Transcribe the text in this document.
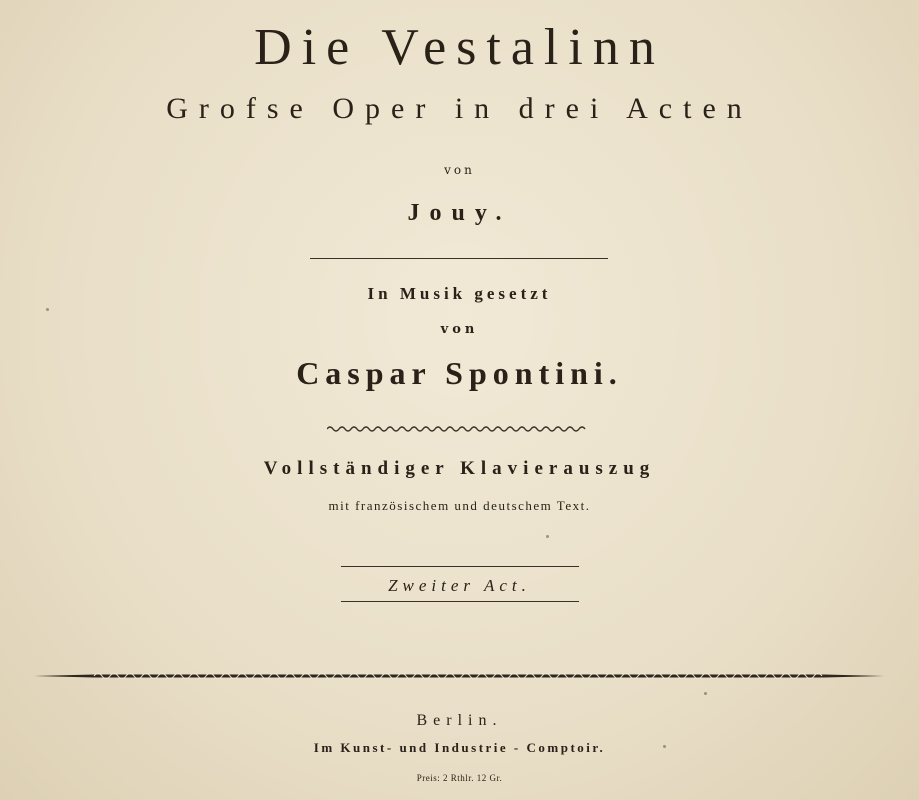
Die Vestalinn
Grofse Oper in drei Acten
von
Jouy.
In Musik gesetzt
von
Caspar Spontini.
Vollständiger Klavierauszug
mit französischem und deutschem Text.
Zweiter Act.
Berlin.
Im Kunst- und Industrie - Comptoir.
Preis: 2 Rthlr. 12 Gr.
